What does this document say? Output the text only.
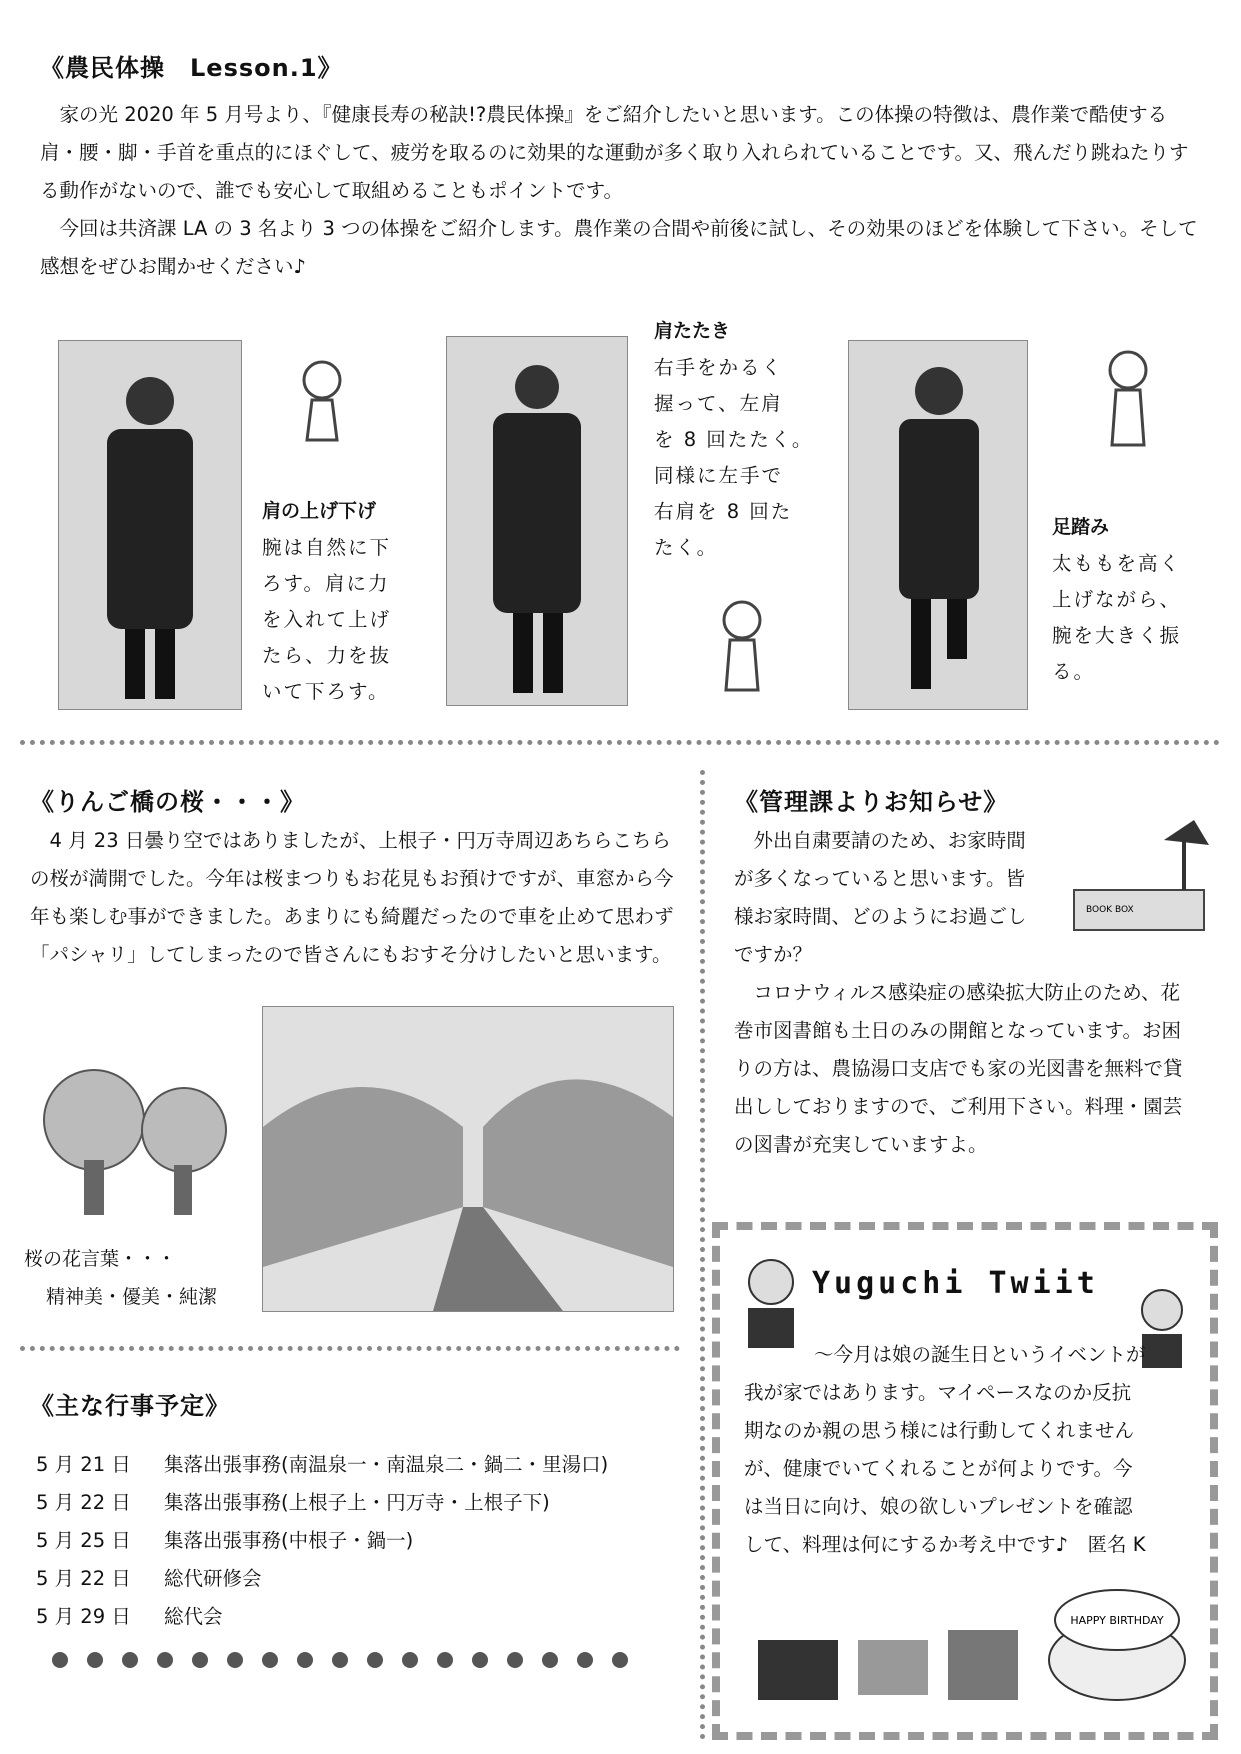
《農民体操　Lesson.1》
　家の光 2020 年 5 月号より、『健康長寿の秘訣!?農民体操』をご紹介したいと思います。この体操の特徴は、農作業で酷使する肩・腰・脚・手首を重点的にほぐして、疲労を取るのに効果的な運動が多く取り入れられていることです。又、飛んだり跳ねたりする動作がないので、誰でも安心して取組めることもポイントです。
　今回は共済課 LA の 3 名より 3 つの体操をご紹介します。農作業の合間や前後に試し、その効果のほどを体験して下さい。そして感想をぜひお聞かせください♪
肩の上げ下げ
腕は自然に下
ろす。肩に力
を入れて上げ
たら、力を抜
いて下ろす。
肩たたき
右手をかるく
握って、左肩
を 8 回たたく。
同様に左手で
右肩を 8 回た
たく。
足踏み
太ももを高く
上げながら、
腕を大きく振
る。
《りんご橋の桜・・・》
　4 月 23 日曇り空ではありましたが、上根子・円万寺周辺あちらこちらの桜が満開でした。今年は桜まつりもお花見もお預けですが、車窓から今年も楽しむ事ができました。あまりにも綺麗だったので車を止めて思わず「パシャリ」してしまったので皆さんにもおすそ分けしたいと思います。
桜の花言葉・・・
精神美・優美・純潔
《管理課よりお知らせ》
　外出自粛要請のため、お家時間が多くなっていると思います。皆様お家時間、どのようにお過ごしですか？
BOOK BOX
　コロナウィルス感染症の感染拡大防止のため、花巻市図書館も土日のみの開館となっています。お困りの方は、農協湯口支店でも家の光図書を無料で貸出ししておりますので、ご利用下さい。料理・園芸の図書が充実していますよ。
《主な行事予定》
5 月 21 日	集落出張事務(南温泉一・南温泉二・鍋二・里湯口)
5 月 22 日	集落出張事務(上根子上・円万寺・上根子下)
5 月 25 日	集落出張事務(中根子・鍋一)
5 月 22 日	総代研修会
5 月 29 日	総代会
Yuguchi Twiit
～今月は娘の誕生日というイベントが我が家ではあります。マイペースなのか反抗期なのか親の思う様には行動してくれませんが、健康でいてくれることが何よりです。今は当日に向け、娘の欲しいプレゼントを確認して、料理は何にするか考え中です♪　匿名 K
HAPPY BIRTHDAY
